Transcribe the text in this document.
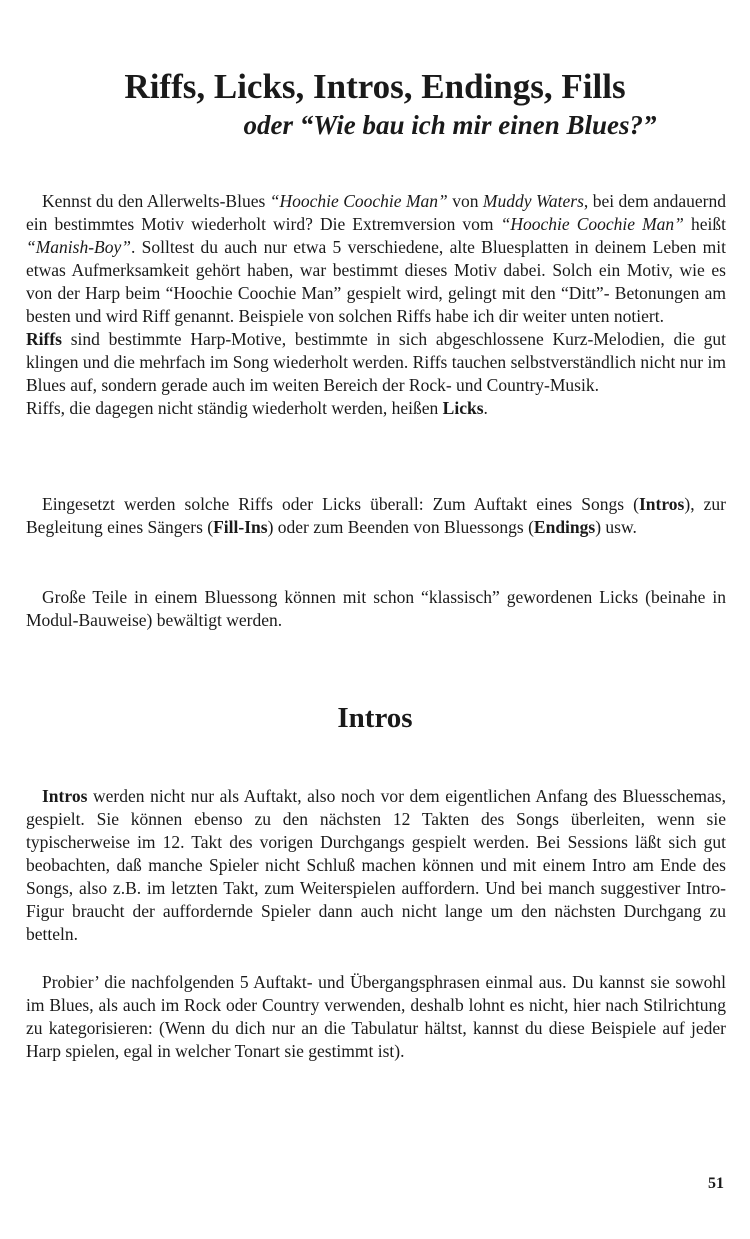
Riffs, Licks, Intros, Endings, Fills
oder “Wie bau ich mir einen Blues?”

Kennst du den Allerwelts-Blues “Hoochie Coochie Man” von Muddy Waters, bei dem andauernd ein bestimmtes Motiv wiederholt wird? Die Extremversion vom “Hoochie Coochie Man” heißt “Manish-Boy”. Solltest du auch nur etwa 5 verschiedene, alte Bluesplatten in deinem Leben mit etwas Aufmerksamkeit gehört haben, war bestimmt dieses Motiv dabei. Solch ein Motiv, wie es von der Harp beim “Hoochie Coochie Man” gespielt wird, gelingt mit den “Ditt”- Betonungen am besten und wird Riff genannt. Beispiele von solchen Riffs habe ich dir weiter unten notiert.

Riffs sind bestimmte Harp-Motive, bestimmte in sich abgeschlossene Kurz-Melodien, die gut klingen und die mehrfach im Song wiederholt werden. Riffs tauchen selbstverständlich nicht nur im Blues auf, sondern gerade auch im weiten Bereich der Rock- und Country-Musik.

Riffs, die dagegen nicht ständig wiederholt werden, heißen Licks.

Eingesetzt werden solche Riffs oder Licks überall: Zum Auftakt eines Songs (Intros), zur Begleitung eines Sängers (Fill-Ins) oder zum Beenden von Bluessongs (Endings) usw.

Große Teile in einem Bluessong können mit schon “klassisch” gewordenen Licks (beinahe in Modul-Bauweise) bewältigt werden.

Intros

Intros werden nicht nur als Auftakt, also noch vor dem eigentlichen Anfang des Bluesschemas, gespielt. Sie können ebenso zu den nächsten 12 Takten des Songs überleiten, wenn sie typischerweise im 12. Takt des vorigen Durchgangs gespielt werden. Bei Sessions läßt sich gut beobachten, daß manche Spieler nicht Schluß machen können und mit einem Intro am Ende des Songs, also z.B. im letzten Takt, zum Weiterspielen auffordern. Und bei manch suggestiver Intro-Figur braucht der auffordernde Spieler dann auch nicht lange um den nächsten Durchgang zu betteln.

Probier’ die nachfolgenden 5 Auftakt- und Übergangsphrasen einmal aus. Du kannst sie sowohl im Blues, als auch im Rock oder Country verwenden, deshalb lohnt es nicht, hier nach Stilrichtung zu kategorisieren: (Wenn du dich nur an die Tabulatur hältst, kannst du diese Beispiele auf jeder Harp spielen, egal in welcher Tonart sie gestimmt ist).

51
